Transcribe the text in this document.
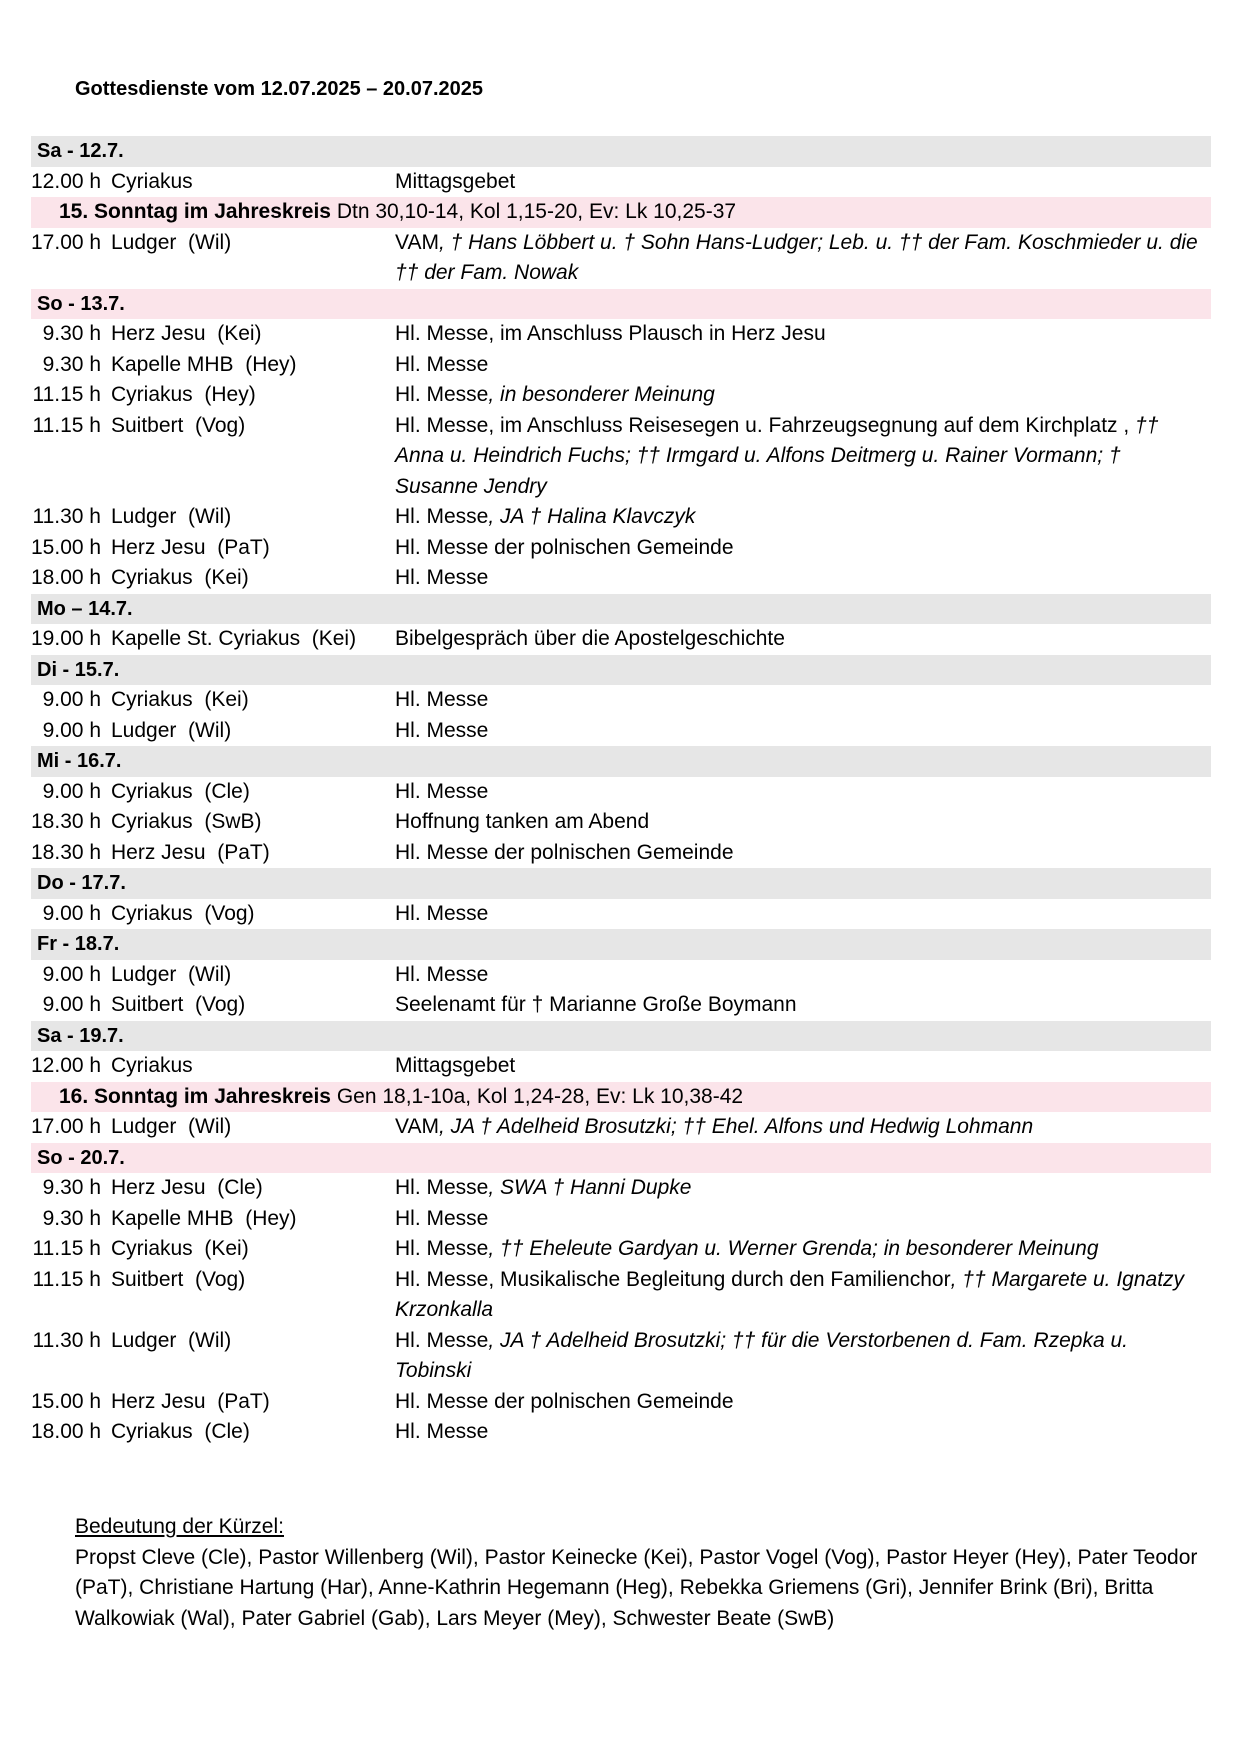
Gottesdienste vom 12.07.2025 – 20.07.2025
Sa - 12.7.
12.00 h Cyriakus	Mittagsgebet
15. Sonntag im Jahreskreis Dtn 30,10-14, Kol 1,15-20, Ev: Lk 10,25-37
17.00 h Ludger  (Wil)	VAM, † Hans Löbbert u. † Sohn Hans-Ludger; Leb. u. †† der Fam. Koschmieder u. die †† der Fam. Nowak
So - 13.7.
9.30 h Herz Jesu  (Kei)	Hl. Messe, im Anschluss Plausch in Herz Jesu
9.30 h Kapelle MHB  (Hey)	Hl. Messe
11.15 h Cyriakus  (Hey)	Hl. Messe, in besonderer Meinung
11.15 h Suitbert  (Vog)	Hl. Messe, im Anschluss Reisesegen u. Fahrzeugsegnung auf dem Kirchplatz , †† Anna u. Heindrich Fuchs; †† Irmgard u. Alfons Deitmerg u. Rainer Vormann; † Susanne Jendry
11.30 h Ludger  (Wil)	Hl. Messe, JA † Halina Klavczyk
15.00 h Herz Jesu  (PaT)	Hl. Messe der polnischen Gemeinde
18.00 h Cyriakus  (Kei)	Hl. Messe
Mo – 14.7.
19.00 h Kapelle St. Cyriakus  (Kei)	Bibelgespräch über die Apostelgeschichte
Di - 15.7.
9.00 h Cyriakus  (Kei)	Hl. Messe
9.00 h Ludger  (Wil)	Hl. Messe
Mi - 16.7.
9.00 h Cyriakus  (Cle)	Hl. Messe
18.30 h Cyriakus  (SwB)	Hoffnung tanken am Abend
18.30 h Herz Jesu  (PaT)	Hl. Messe der polnischen Gemeinde
Do - 17.7.
9.00 h Cyriakus  (Vog)	Hl. Messe
Fr - 18.7.
9.00 h Ludger  (Wil)	Hl. Messe
9.00 h Suitbert  (Vog)	Seelenamt für † Marianne Große Boymann
Sa - 19.7.
12.00 h Cyriakus	Mittagsgebet
16. Sonntag im Jahreskreis Gen 18,1-10a, Kol 1,24-28, Ev: Lk 10,38-42
17.00 h Ludger  (Wil)	VAM, JA † Adelheid Brosutzki; †† Ehel. Alfons und Hedwig Lohmann
So - 20.7.
9.30 h Herz Jesu  (Cle)	Hl. Messe, SWA † Hanni Dupke
9.30 h Kapelle MHB  (Hey)	Hl. Messe
11.15 h Cyriakus  (Kei)	Hl. Messe, †† Eheleute Gardyan u. Werner Grenda; in besonderer Meinung
11.15 h Suitbert  (Vog)	Hl. Messe, Musikalische Begleitung durch den Familienchor, †† Margarete u. Ignatzy Krzonkalla
11.30 h Ludger  (Wil)	Hl. Messe, JA † Adelheid Brosutzki; †† für die Verstorbenen d. Fam. Rzepka u. Tobinski
15.00 h Herz Jesu  (PaT)	Hl. Messe der polnischen Gemeinde
18.00 h Cyriakus  (Cle)	Hl. Messe
Bedeutung der Kürzel:
Propst Cleve (Cle), Pastor Willenberg (Wil), Pastor Keinecke (Kei), Pastor Vogel (Vog), Pastor Heyer (Hey), Pater Teodor (PaT), Christiane Hartung (Har), Anne-Kathrin Hegemann (Heg), Rebekka Griemens (Gri), Jennifer Brink (Bri), Britta Walkowiak (Wal), Pater Gabriel (Gab), Lars Meyer (Mey), Schwester Beate (SwB)
